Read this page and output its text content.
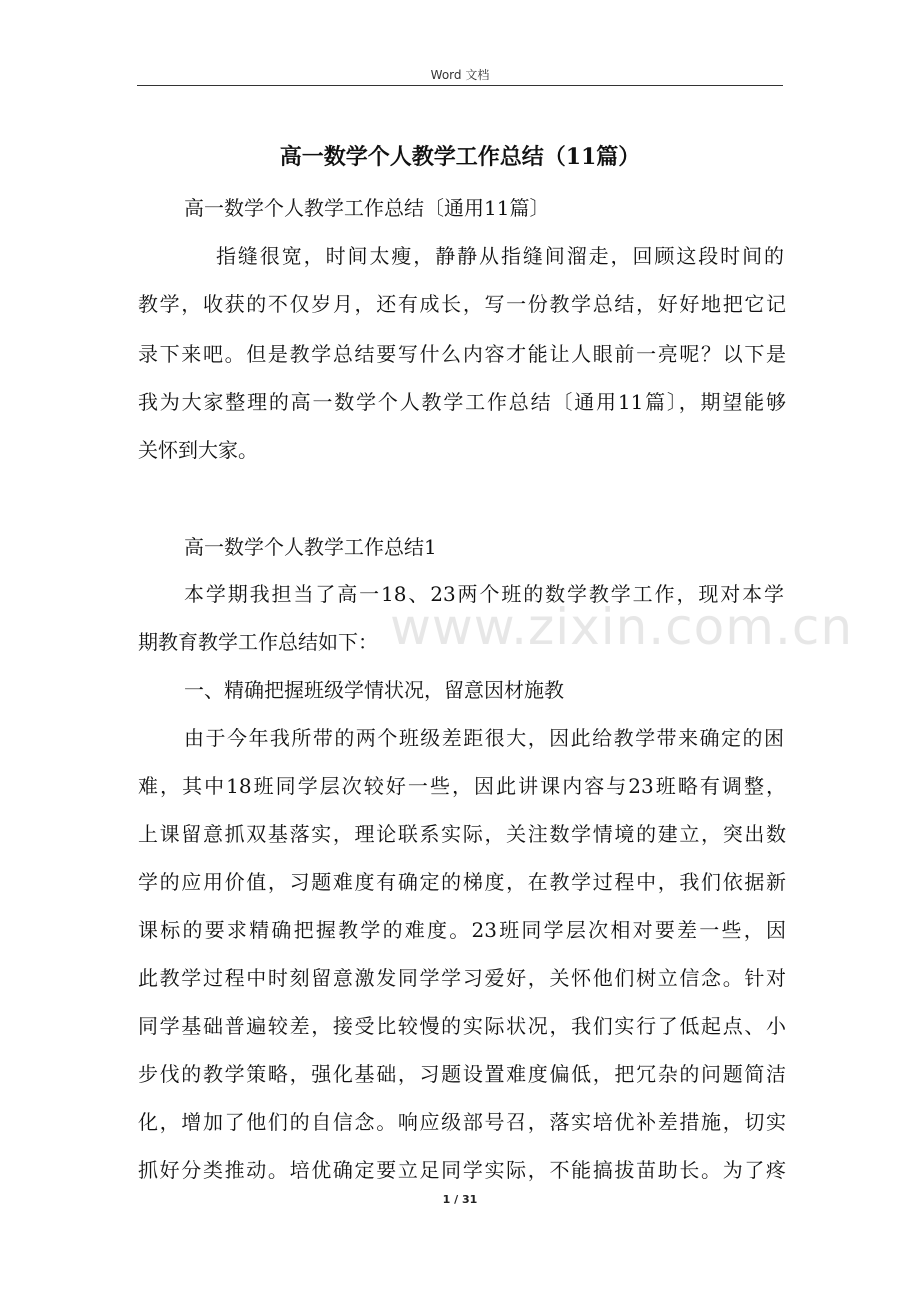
Word 文档
高一数学个人教学工作总结（11篇）
高一数学个人教学工作总结〔通用11篇〕
指缝很宽，时间太瘦，静静从指缝间溜走，回顾这段时间的
教学，收获的不仅岁月，还有成长，写一份教学总结，好好地把它记
录下来吧。但是教学总结要写什么内容才能让人眼前一亮呢？以下是
我为大家整理的高一数学个人教学工作总结〔通用11篇〕，期望能够
关怀到大家。
高一数学个人教学工作总结1
本学期我担当了高一18、23两个班的数学教学工作，现对本学
期教育教学工作总结如下：
一、精确把握班级学情状况，留意因材施教
由于今年我所带的两个班级差距很大，因此给教学带来确定的困
难，其中18班同学层次较好一些，因此讲课内容与23班略有调整，
上课留意抓双基落实，理论联系实际，关注数学情境的建立，突出数
学的应用价值，习题难度有确定的梯度，在教学过程中，我们依据新
课标的要求精确把握教学的难度。23班同学层次相对要差一些，因
此教学过程中时刻留意激发同学学习爱好，关怀他们树立信念。针对
同学基础普遍较差，接受比较慢的实际状况，我们实行了低起点、小
步伐的教学策略，强化基础，习题设置难度偏低，把冗杂的问题简洁
化，增加了他们的自信念。响应级部号召，落实培优补差措施，切实
抓好分类推动。培优确定要立足同学实际，不能搞拔苗助长。为了疼
www.zixin.com.cn
1 / 31
